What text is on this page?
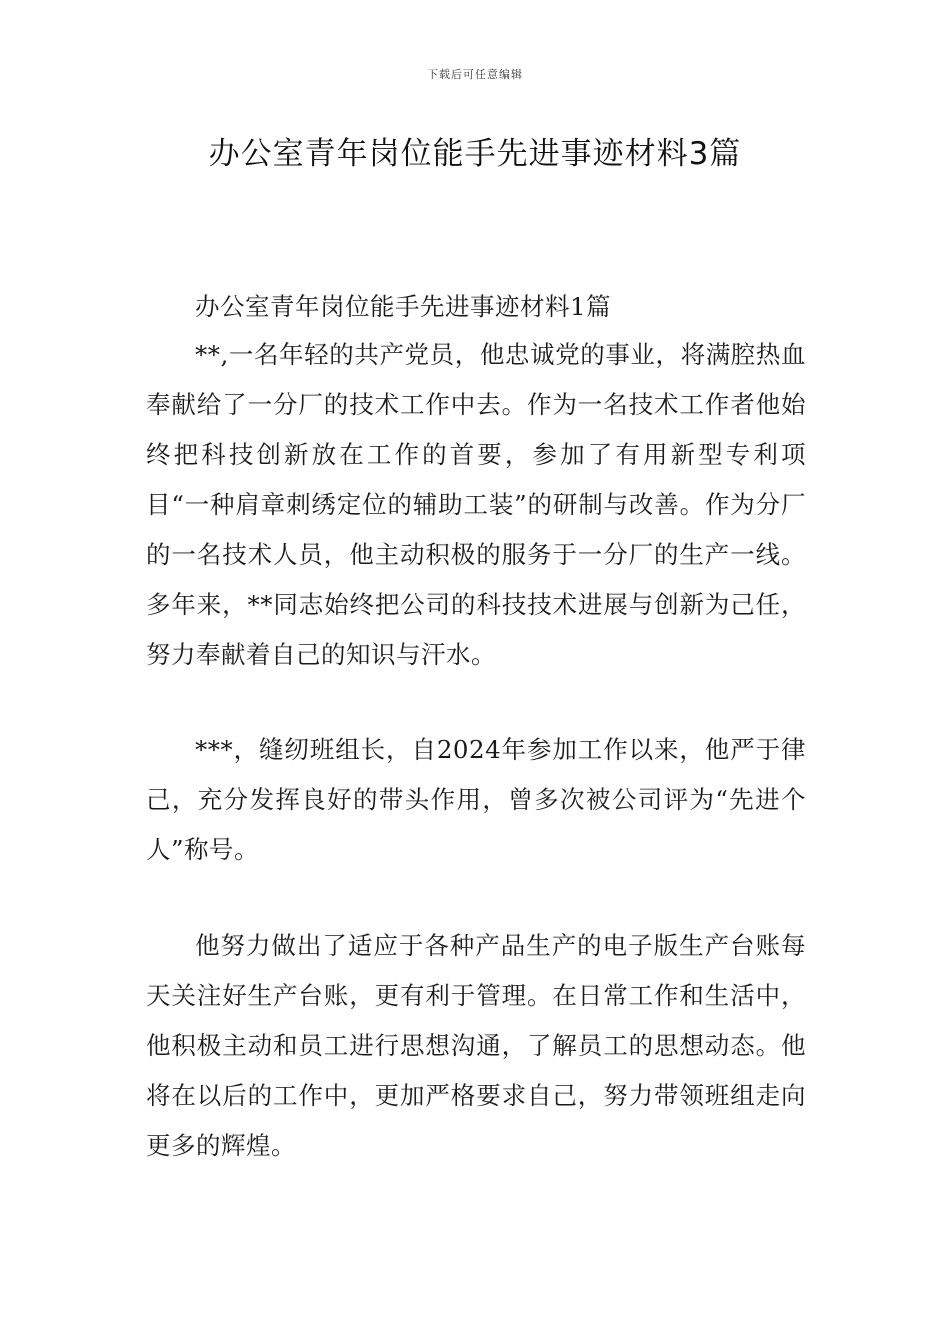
下载后可任意编辑
办公室青年岗位能手先进事迹材料3篇

办公室青年岗位能手先进事迹材料1篇

**,一名年轻的共产党员，他忠诚党的事业，将满腔热血奉献给了一分厂的技术工作中去。作为一名技术工作者他始终把科技创新放在工作的首要，参加了有用新型专利项目“一种肩章刺绣定位的辅助工装”的研制与改善。作为分厂的一名技术人员，他主动积极的服务于一分厂的生产一线。多年来，**同志始终把公司的科技技术进展与创新为己任，努力奉献着自己的知识与汗水。

***，缝纫班组长，自2024年参加工作以来，他严于律己，充分发挥良好的带头作用，曾多次被公司评为“先进个人”称号。

他努力做出了适应于各种产品生产的电子版生产台账每天关注好生产台账，更有利于管理。在日常工作和生活中，他积极主动和员工进行思想沟通，了解员工的思想动态。他将在以后的工作中，更加严格要求自己，努力带领班组走向更多的辉煌。
